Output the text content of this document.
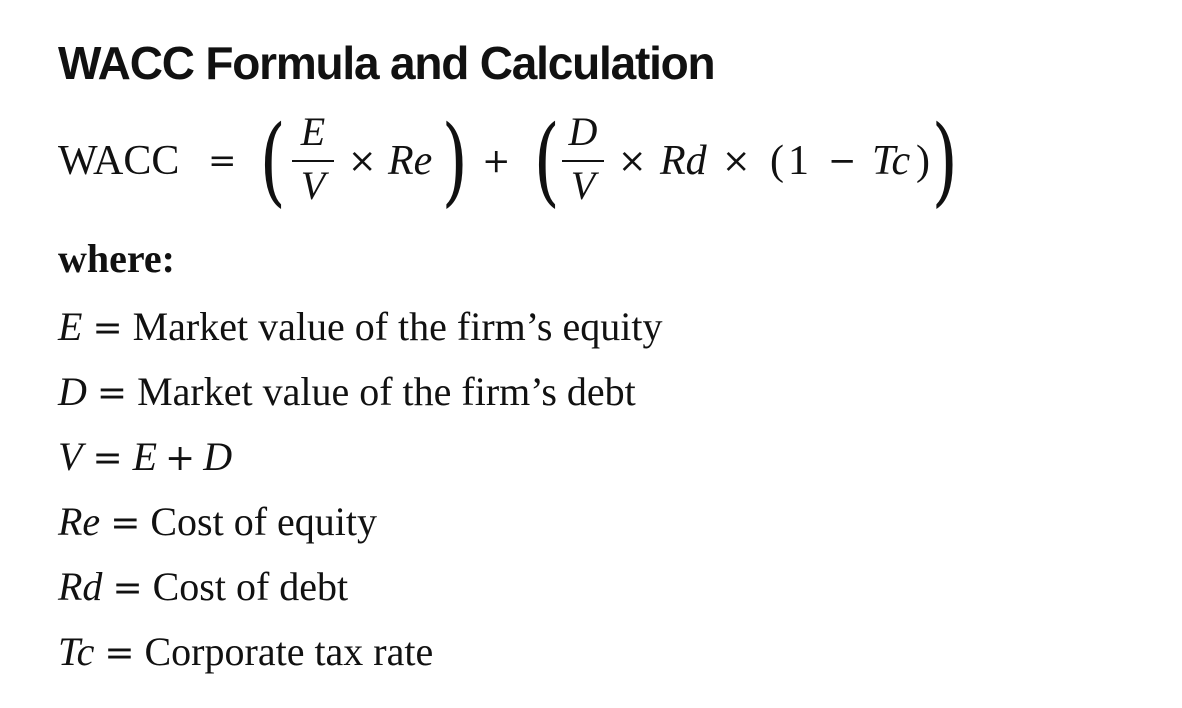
WACC Formula and Calculation
WACC = ( E
V
× Re ) + ( D
V
× Rd × ( 1 − Tc ) )
where:
E = Market value of the firm’s equity
D = Market value of the firm’s debt
V = E + D
Re = Cost of equity
Rd = Cost of debt
Tc = Corporate tax rate
